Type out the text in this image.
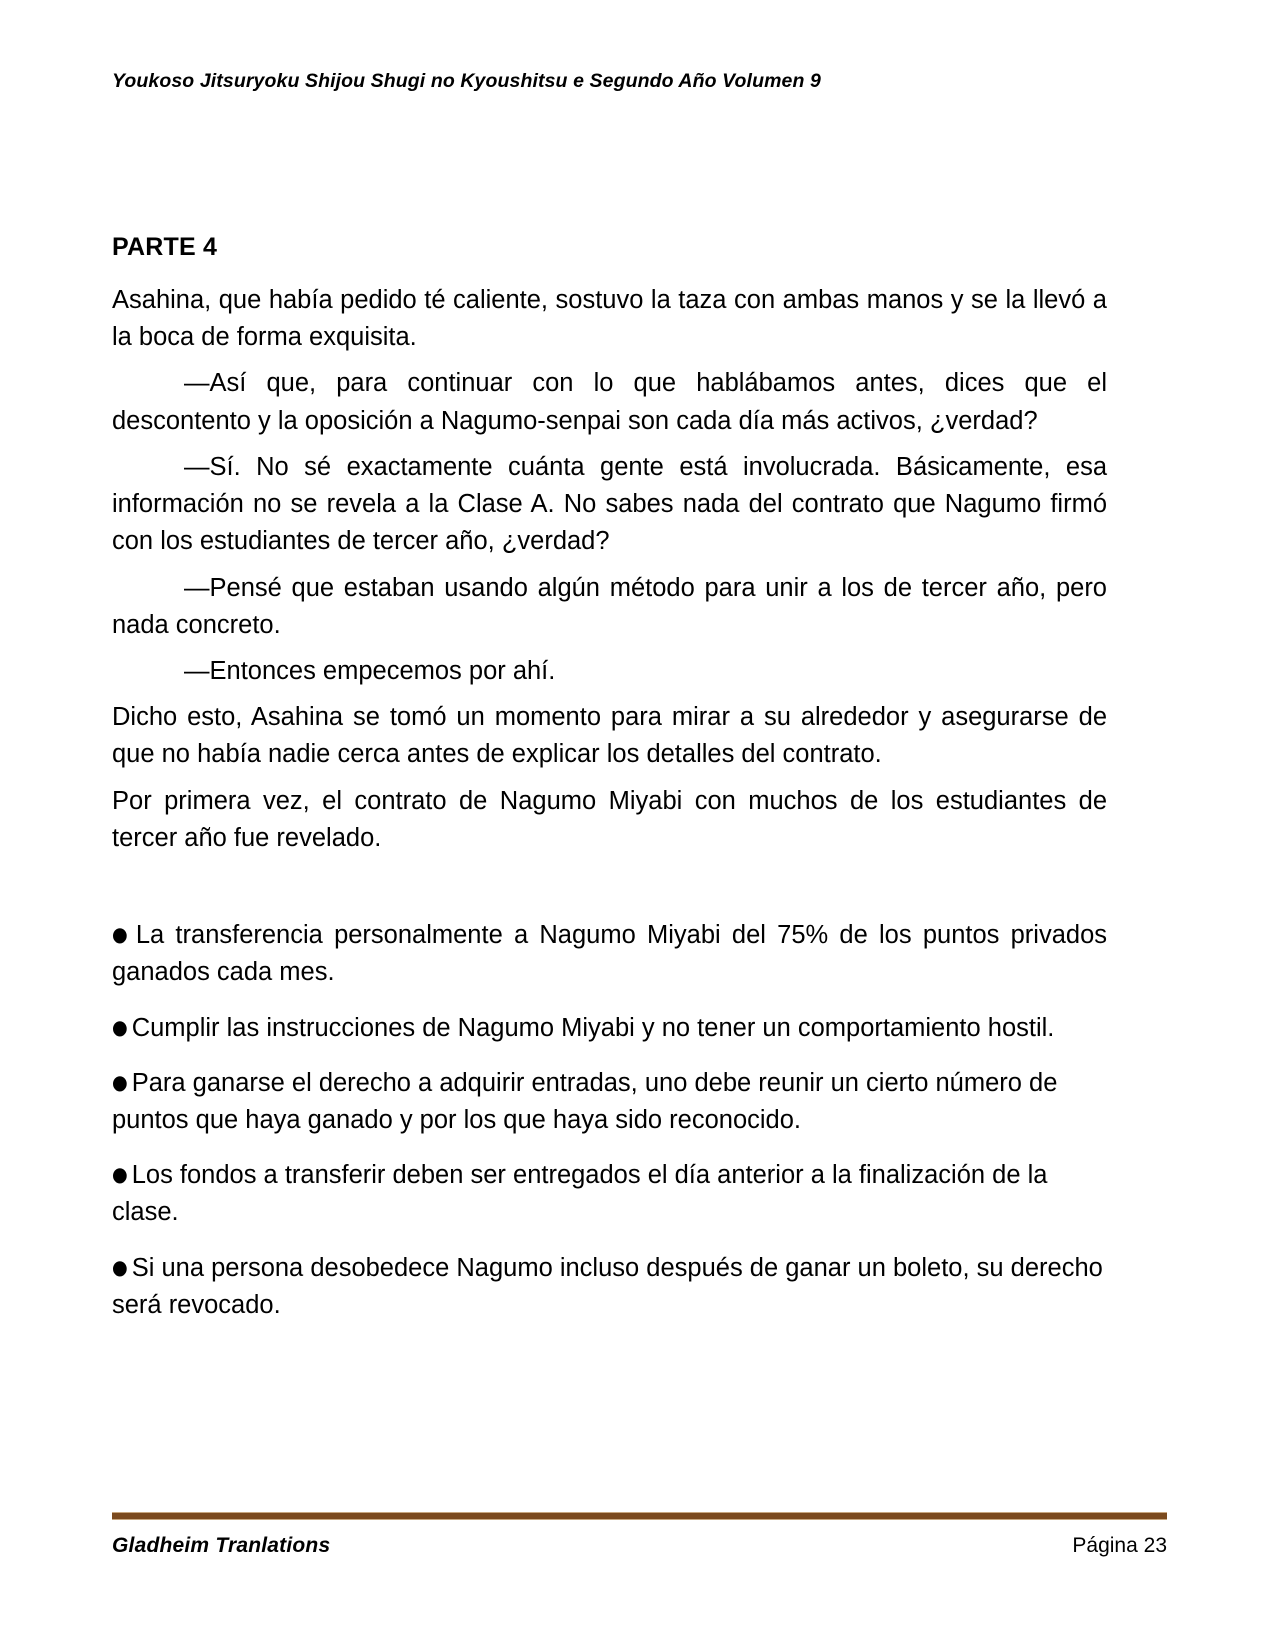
Youkoso Jitsuryoku Shijou Shugi no Kyoushitsu e Segundo Año Volumen 9
PARTE 4

Asahina, que había pedido té caliente, sostuvo la taza con ambas manos y se la llevó a la boca de forma exquisita.

—Así que, para continuar con lo que hablábamos antes, dices que el descontento y la oposición a Nagumo-senpai son cada día más activos, ¿verdad?

—Sí. No sé exactamente cuánta gente está involucrada. Básicamente, esa información no se revela a la Clase A. No sabes nada del contrato que Nagumo firmó con los estudiantes de tercer año, ¿verdad?

—Pensé que estaban usando algún método para unir a los de tercer año, pero nada concreto.

—Entonces empecemos por ahí.

Dicho esto, Asahina se tomó un momento para mirar a su alrededor y asegurarse de que no había nadie cerca antes de explicar los detalles del contrato.

Por primera vez, el contrato de Nagumo Miyabi con muchos de los estudiantes de tercer año fue revelado.

● La transferencia personalmente a Nagumo Miyabi del 75% de los puntos privados ganados cada mes.

● Cumplir las instrucciones de Nagumo Miyabi y no tener un comportamiento hostil.

● Para ganarse el derecho a adquirir entradas, uno debe reunir un cierto número de puntos que haya ganado y por los que haya sido reconocido.

● Los fondos a transferir deben ser entregados el día anterior a la finalización de la clase.

● Si una persona desobedece Nagumo incluso después de ganar un boleto, su derecho será revocado.

Gladheim Tranlations	Página 23
